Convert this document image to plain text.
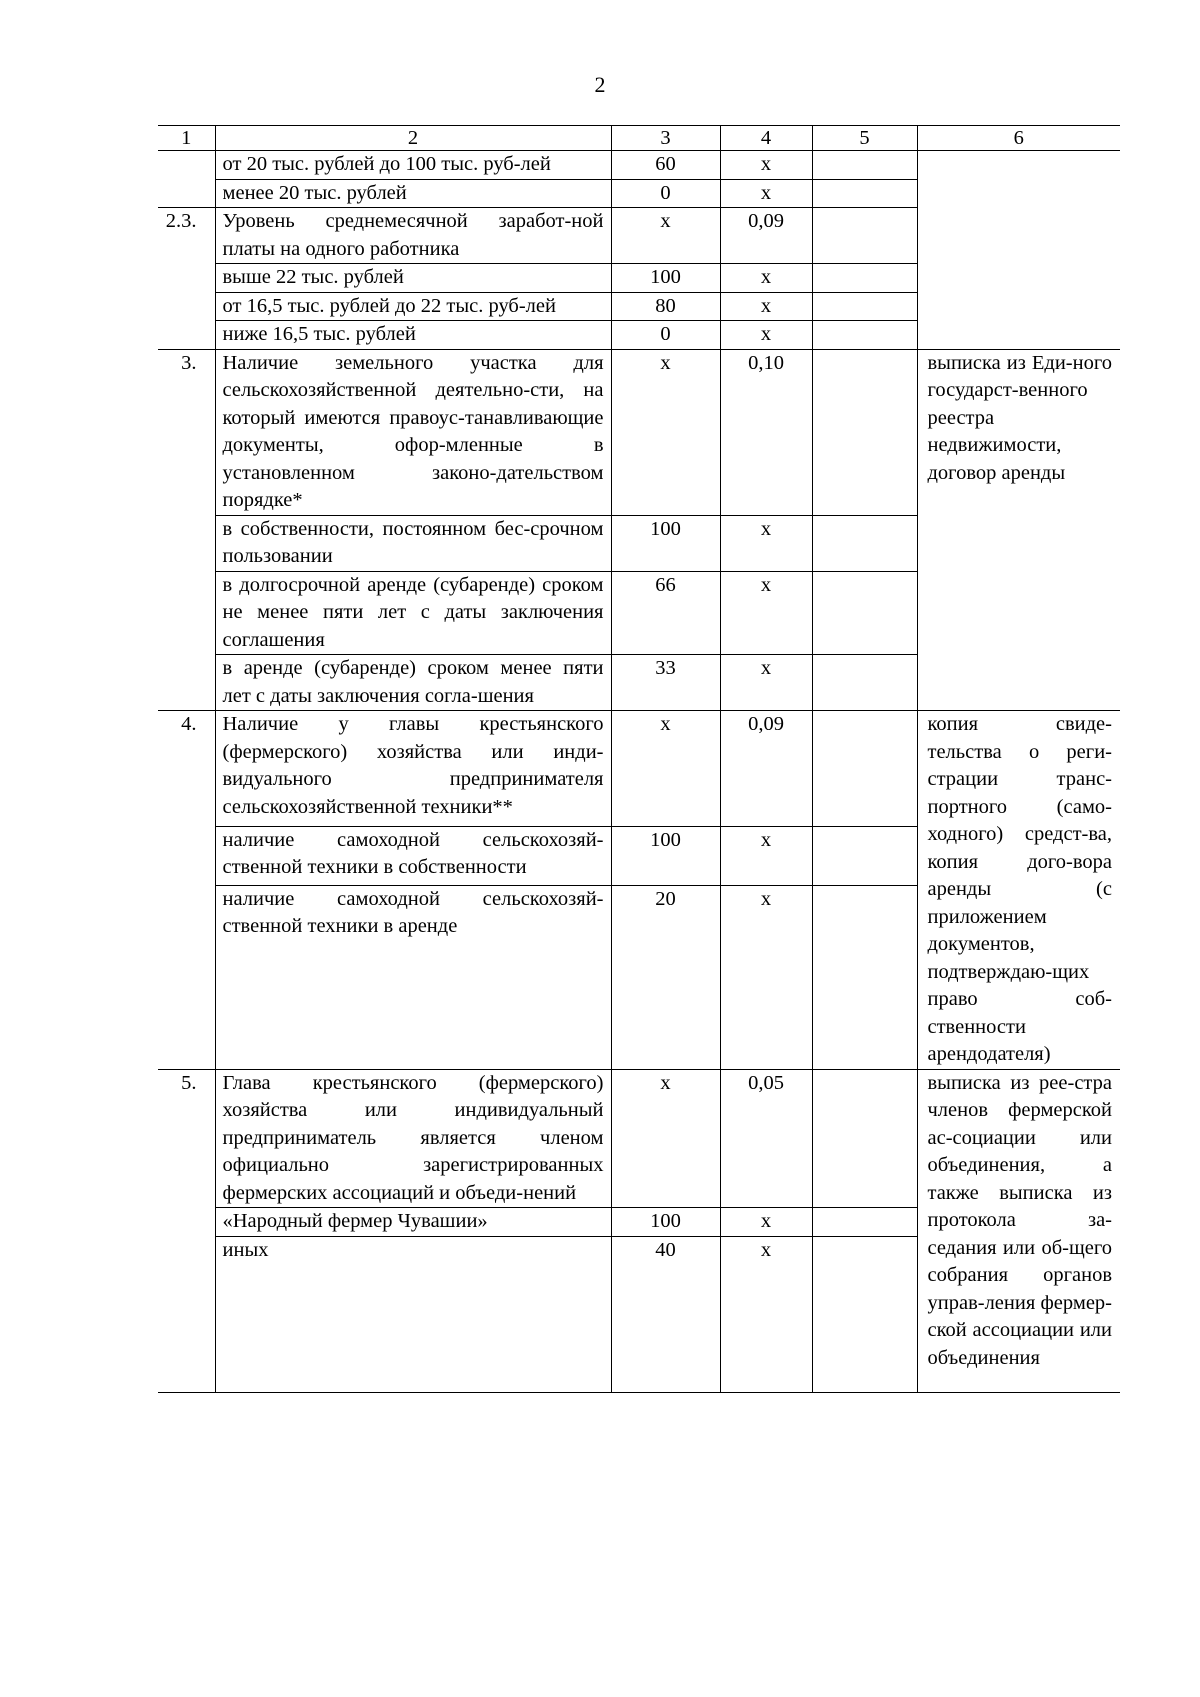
2
1	2	3	4	5	6
	от 20 тыс. рублей до 100 тыс. руб-лей	60	х		
	менее 20 тыс. рублей	0	х		
2.3.	Уровень среднемесячной заработ-ной платы на одного работника	х	0,09		
	выше 22 тыс. рублей	100	х		
	от 16,5 тыс. рублей до 22 тыс. руб-лей	80	х		
	ниже 16,5 тыс. рублей	0	х		
3.	Наличие земельного участка для сельскохозяйственной деятельно-сти, на который имеются правоус-танавливающие документы, офор-мленные в установленном законо-дательством порядке*	х	0,10		выписка из Еди-ного государст-венного реестра недвижимости, договор аренды
	в собственности, постоянном бес-срочном пользовании	100	х		
	в долгосрочной аренде (субаренде) сроком не менее пяти лет с даты заключения соглашения	66	х		
	в аренде (субаренде) сроком менее пяти лет с даты заключения согла-шения	33	х		
4.	Наличие у главы крестьянского (фермерского) хозяйства или инди-видуального предпринимателя сельскохозяйственной техники**	х	0,09		копия свиде-тельства о реги-страции транс-портного (само-ходного) средст-ва, копия дого-вора аренды (с приложением документов, подтверждаю-щих право соб-ственности арендодателя)
	наличие самоходной сельскохозяй-ственной техники в собственности	100	х		
	наличие самоходной сельскохозяй-ственной техники в аренде	20	х		
5.	Глава крестьянского (фермерского) хозяйства или индивидуальный предприниматель является членом официально зарегистрированных фермерских ассоциаций и объеди-нений	х	0,05		выписка из рее-стра членов фермерской ас-социации или объединения, а также выписка из протокола за-седания или об-щего собрания органов управ-ления фермер-ской ассоциации или объединения
	«Народный фермер Чувашии»	100	х		
	иных	40	х		
